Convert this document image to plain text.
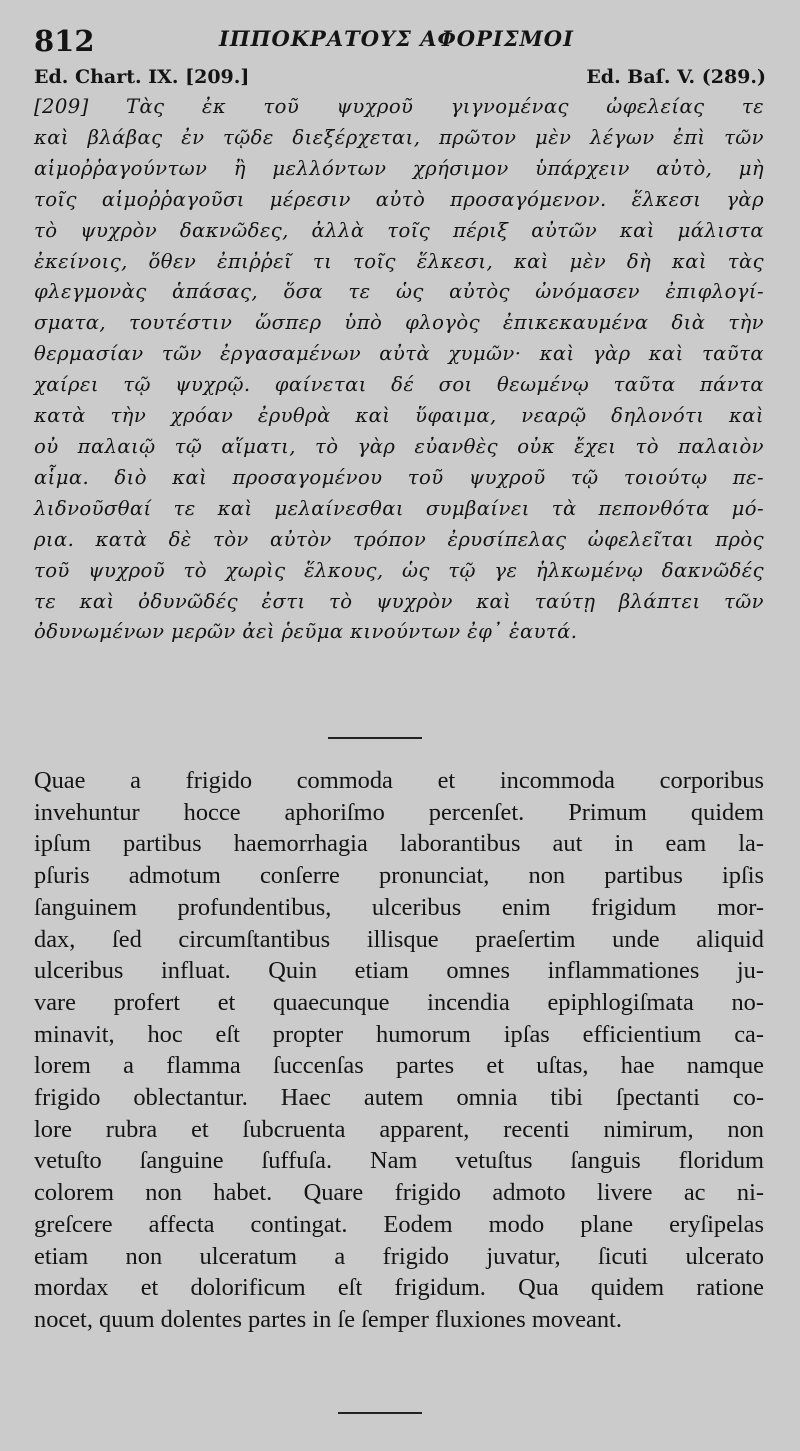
812	ΙΠΠΟΚΡΑΤΟΥΣ ΑΦΟΡΙΣΜΟΙ
Ed. Chart. IX. [209.]	Ed. Baſ. V. (289.)
[209] Τὰς ἐκ τοῦ ψυχροῦ γιγνομένας ὠφελείας τε
καὶ βλάβας ἐν τῷδε διεξέρχεται, πρῶτον μὲν λέγων ἐπὶ τῶν
αἱμοῤῥαγούντων ἢ μελλόντων χρήσιμον ὑπάρχειν αὐτὸ, μὴ
τοῖς αἱμοῤῥαγοῦσι μέρεσιν αὐτὸ προσαγόμενον. ἕλκεσι γὰρ
τὸ ψυχρὸν δακνῶδες, ἀλλὰ τοῖς πέριξ αὐτῶν καὶ μάλιστα
ἐκείνοις, ὅθεν ἐπιῤῥεῖ τι τοῖς ἕλκεσι, καὶ μὲν δὴ καὶ τὰς
φλεγμονὰς ἁπάσας, ὅσα τε ὡς αὐτὸς ὠνόμασεν ἐπιφλογί-
σματα, τουτέστιν ὥσπερ ὑπὸ φλογὸς ἐπικεκαυμένα διὰ τὴν
θερμασίαν τῶν ἐργασαμένων αὐτὰ χυμῶν· καὶ γὰρ καὶ ταῦτα
χαίρει τῷ ψυχρῷ. φαίνεται δέ σοι θεωμένῳ ταῦτα πάντα
κατὰ τὴν χρόαν ἐρυθρὰ καὶ ὕφαιμα, νεαρῷ δηλονότι καὶ
οὐ παλαιῷ τῷ αἵματι, τὸ γὰρ εὐανθὲς οὐκ ἔχει τὸ παλαιὸν
αἷμα. διὸ καὶ προσαγομένου τοῦ ψυχροῦ τῷ τοιούτῳ πε-
λιδνοῦσθαί τε καὶ μελαίνεσθαι συμβαίνει τὰ πεπονθότα μό-
ρια. κατὰ δὲ τὸν αὐτὸν τρόπον ἐρυσίπελας ὠφελεῖται πρὸς
τοῦ ψυχροῦ τὸ χωρὶς ἕλκους, ὡς τῷ γε ἡλκωμένῳ δακνῶδές
τε καὶ ὀδυνῶδές ἐστι τὸ ψυχρὸν καὶ ταύτῃ βλάπτει τῶν
ὀδυνωμένων μερῶν ἀεὶ ῥεῦμα κινούντων ἐφ᾿ ἑαυτά.
Quae a frigido commoda et incommoda corporibus
invehuntur hocce aphoriſmo percenſet. Primum quidem
ipſum partibus haemorrhagia laborantibus aut in eam la-
pſuris admotum conſerre pronunciat, non partibus ipſis
ſanguinem profundentibus, ulceribus enim frigidum mor-
dax, ſed circumſtantibus illisque praeſertim unde aliquid
ulceribus influat. Quin etiam omnes inflammationes ju-
vare profert et quaecunque incendia epiphlogiſmata no-
minavit, hoc eſt propter humorum ipſas efficientium ca-
lorem a flamma ſuccenſas partes et uſtas, hae namque
frigido oblectantur. Haec autem omnia tibi ſpectanti co-
lore rubra et ſubcruenta apparent, recenti nimirum, non
vetuſto ſanguine ſuffuſa. Nam vetuſtus ſanguis floridum
colorem non habet. Quare frigido admoto livere ac ni-
greſcere affecta contingat. Eodem modo plane eryſipelas
etiam non ulceratum a frigido juvatur, ſicuti ulcerato
mordax et dolorificum eſt frigidum. Qua quidem ratione
nocet, quum dolentes partes in ſe ſemper fluxiones moveant.
